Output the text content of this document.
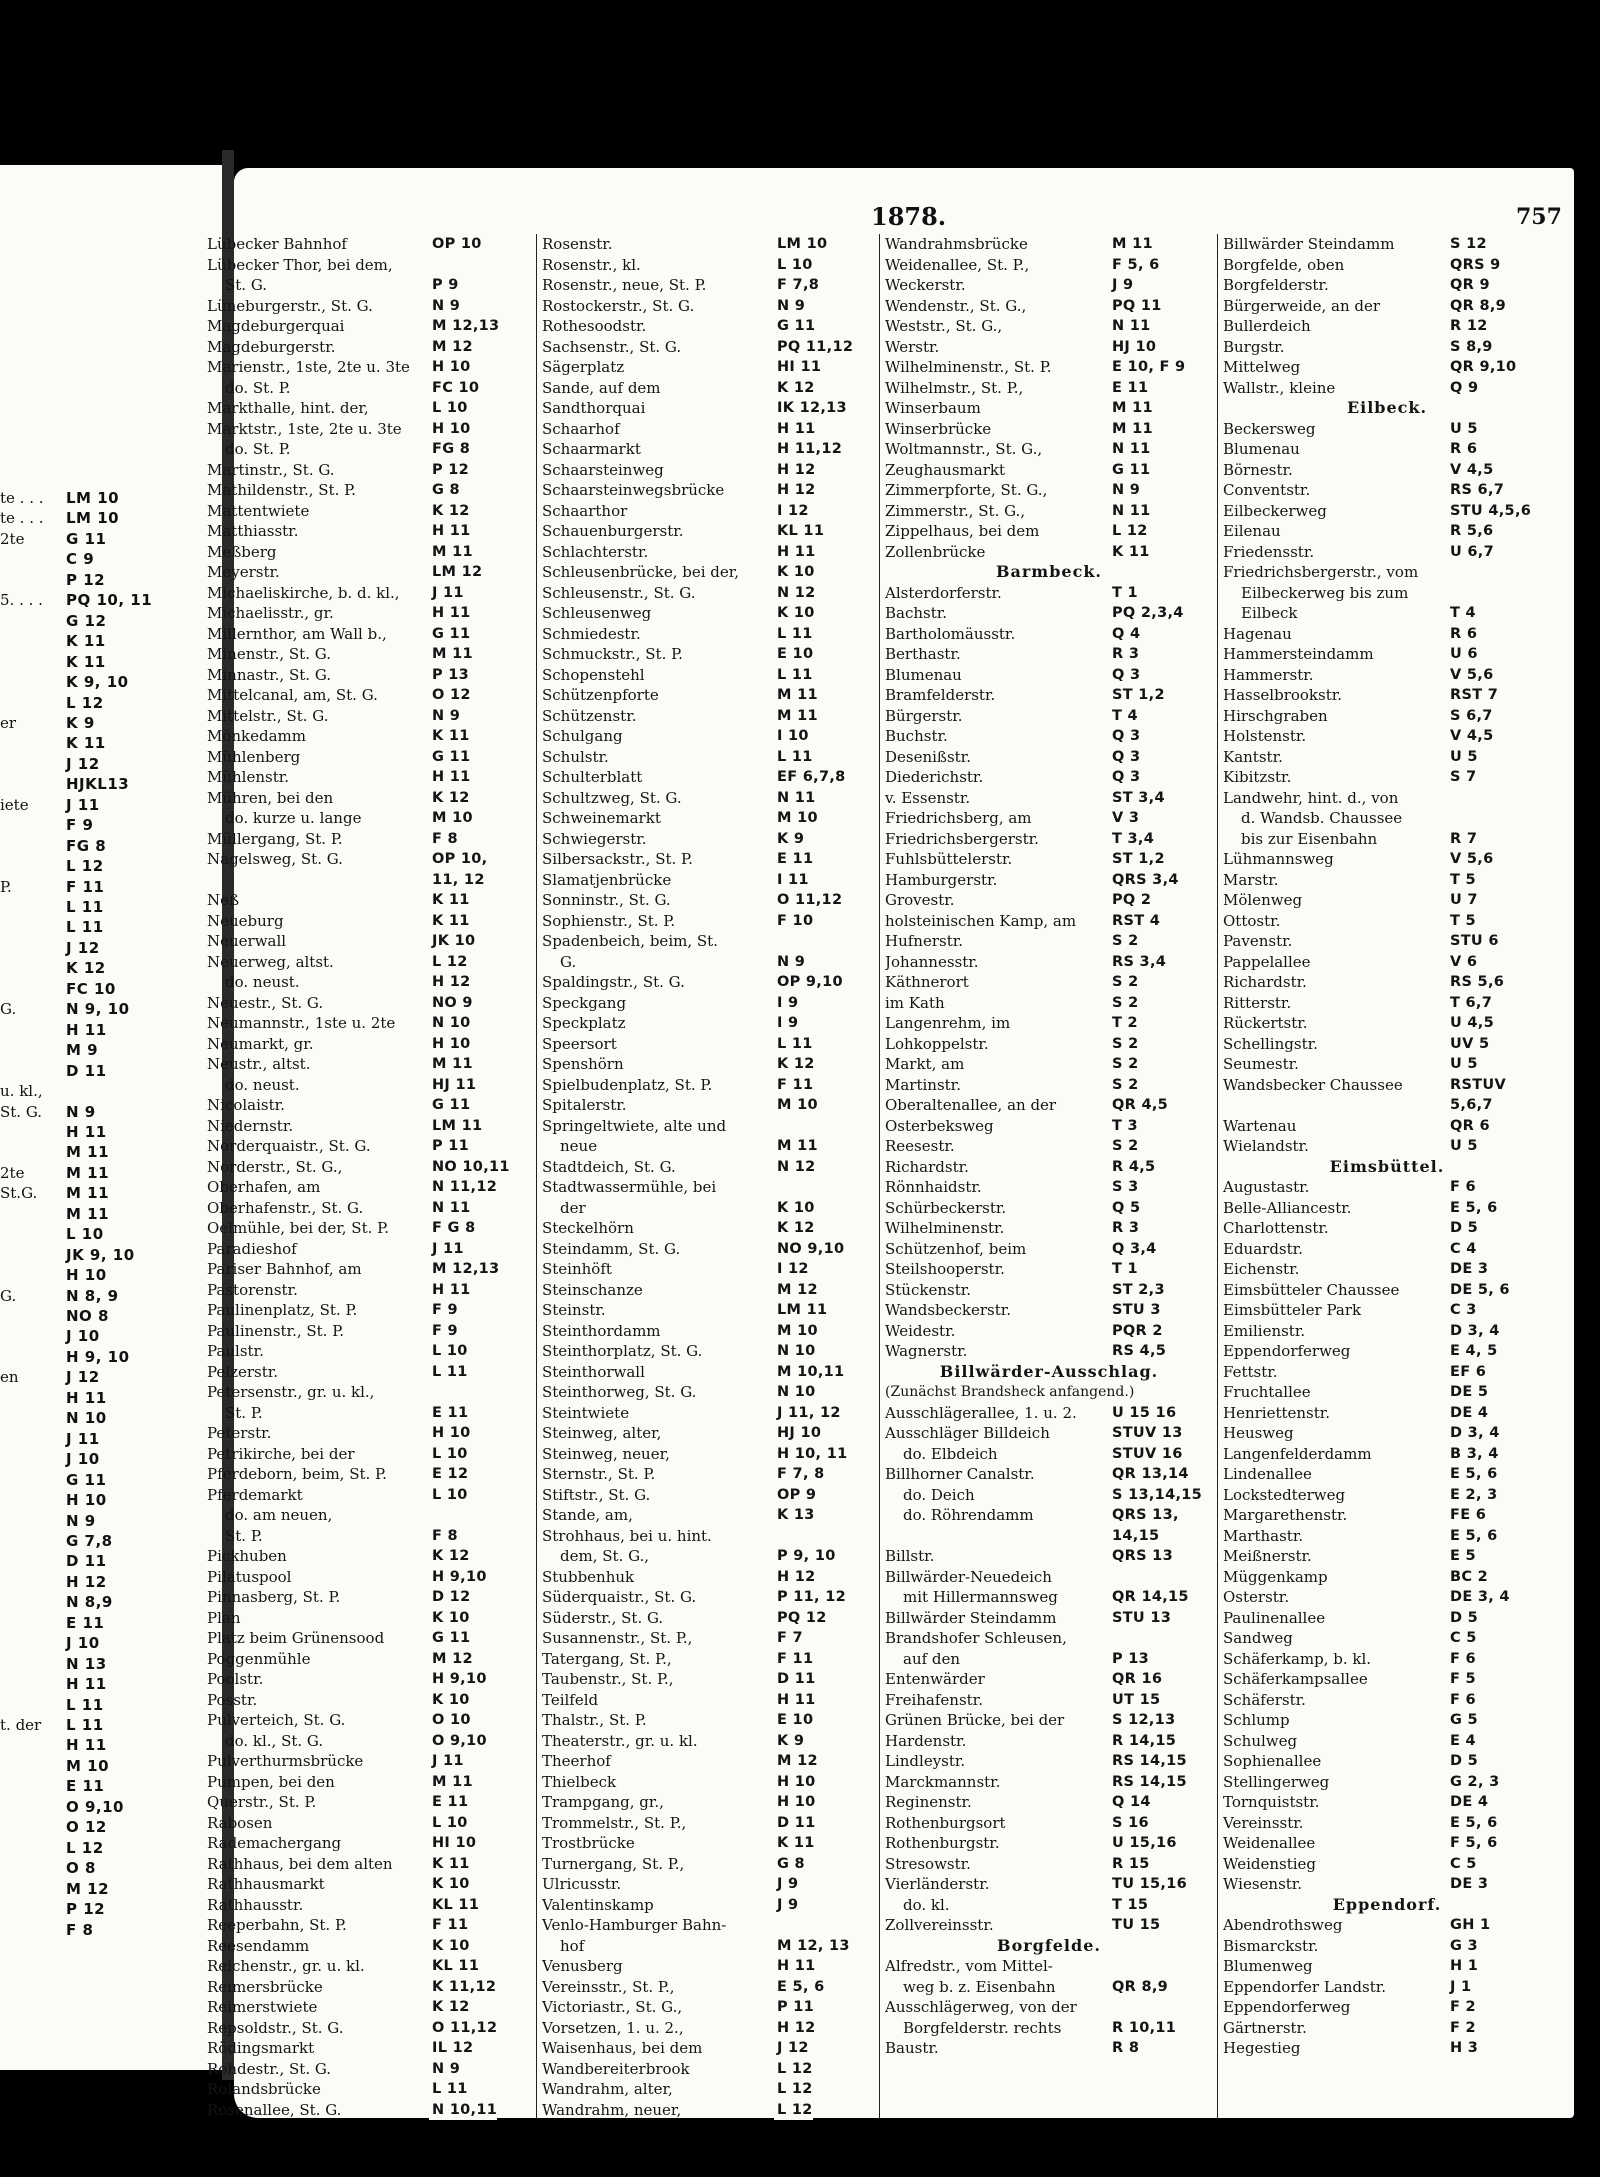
te . . . LM 10
te . . . LM 10
2te	G 11
C 9
P 12
5. . . . PQ 10, 11
G 12
K 11
K 11
K 9, 10
L 12
er	K 9
K 11
J 12
HJKL13
iete J 11
F 9
FG 8
L 12
P.	F 11
L 11
L 11
J 12
K 12
FC 10
G.	N 9, 10
H 11
M 9
D 11
u. kl.,
St. G. N 9
H 11
M 11
2te	M 11
St.G. M 11
M 11
L 10
JK 9, 10
H 10
G.	N 8, 9
NO 8
J 10
H 9, 10
en	J 12
H 11
N 10
J 11
J 10
G 11
H 10
N 9
G 7,8
D 11
H 12
N 8,9
E 11
J 10
N 13
H 11
L 11
t. der L 11
H 11
M 10
E 11
O 9,10
O 12
L 12
O 8
M 12
P 12
F 8
1878.	757
Lübecker Bahnhof	OP 10
Lübecker Thor, bei dem,
St. G.	P 9
Lüneburgerstr., St. G.	N 9
Magdeburgerquai	M 12,13
Magdeburgerstr.	M 12
Marienstr., 1ste, 2te u. 3te H 10
do. St. P.	FC 10
Markthalle, hint. der,	L 10
Marktstr., 1ste, 2te u. 3te H 10
do. St. P.	FG 8
Martinstr., St. G.	P 12
Mathildenstr., St. P.	G 8
Mattentwiete	K 12
Matthiasstr.	H 11
Meßberg	M 11
Meyerstr.	LM 12
Michaeliskirche, b. d. kl., J 11
Michaelisstr., gr.	H 11
Millernthor, am Wall b.,	G 11
Minenstr., St. G.	M 11
Minnastr., St. G.	P 13
Mittelcanal, am, St. G.	O 12
Mittelstr., St. G.	N 9
Mönkedamm	K 11
Mühlenberg	G 11
Mühlenstr.	H 11
Mühren, bei den	K 12
do. kurze u. lange	M 10
Müllergang, St. P.	F 8
Nagelsweg, St. G.	OP 10,
11, 12
Neß	K 11
Neueburg	K 11
Neuerwall	JK 10
Neuerweg, altst.	L 12
do. neust.	H 12
Neuestr., St. G.	NO 9
Neumannstr., 1ste u. 2te	N 10
Neumarkt, gr.	H 10
Neustr., altst.	M 11
do. neust.	HJ 11
Nicolaistr.	G 11
Niedernstr.	LM 11
Norderquaistr., St. G.	P 11
Norderstr., St. G.,	NO 10,11
Oberhafen, am	N 11,12
Oberhafenstr., St. G.	N 11
Oelmühle, bei der, St. P.	F G 8
Paradieshof	J 11
Pariser Bahnhof, am	M 12,13
Pastorenstr.	H 11
Paulinenplatz, St. P.	F 9
Paulinenstr., St. P.	F 9
Paulstr.	L 10
Pelzerstr.	L 11
Petersenstr., gr. u. kl.,
St. P.	E 11
Peterstr.	H 10
Petrikirche, bei der	L 10
Pferdeborn, beim, St. P.	E 12
Pferdemarkt	L 10
do. am neuen,
St. P.	F 8
Pickhuben	K 12
Pilatuspool	H 9,10
Pinnasberg, St. P.	D 12
Plan	K 10
Platz beim Grünensood	G 11
Poggenmühle	M 12
Poolstr.	H 9,10
Posstr.	K 10
Pulverteich, St. G.	O 10
do. kl., St. G.	O 9,10
Pulverthurmsbrücke	J 11
Pumpen, bei den	M 11
Querstr., St. P.	E 11
Rabosen	L 10
Rademachergang	HI 10
Rathhaus, bei dem alten	K 11
Rathhausmarkt	K 10
Rathhausstr.	KL 11
Reeperbahn, St. P.	F 11
Reesendamm	K 10
Reichenstr., gr. u. kl.	KL 11
Reimersbrücke	K 11,12
Reimerstwiete	K 12
Repsoldstr., St. G.	O 11,12
Rödingsmarkt	IL 12
Rohdestr., St. G.	N 9
Rolandsbrücke	L 11
Rosenallee, St. G.	N 10,11
Rosenstr.	LM 10
Rosenstr., kl.	L 10
Rosenstr., neue, St. P.	F 7,8
Rostockerstr., St. G.	N 9
Rothesoodstr.	G 11
Sachsenstr., St. G.	PQ 11,12
Sägerplatz	HI 11
Sande, auf dem	K 12
Sandthorquai	IK 12,13
Schaarhof	H 11
Schaarmarkt	H 11,12
Schaarsteinweg	H 12
Schaarsteinwegsbrücke	H 12
Schaarthor	I 12
Schauenburgerstr.	KL 11
Schlachterstr.	H 11
Schleusenbrücke, bei der,	K 10
Schleusenstr., St. G.	N 12
Schleusenweg	K 10
Schmiedestr.	L 11
Schmuckstr., St. P.	E 10
Schopenstehl	L 11
Schützenpforte	M 11
Schützenstr.	M 11
Schulgang	I 10
Schulstr.	L 11
Schulterblatt	EF 6,7,8
Schultzweg, St. G.	N 11
Schweinemarkt	M 10
Schwiegerstr.	K 9
Silbersackstr., St. P.	E 11
Slamatjenbrücke	I 11
Sonninstr., St. G.	O 11,12
Sophienstr., St. P.	F 10
Spadenbeich, beim, St.
G.	N 9
Spaldingstr., St. G.	OP 9,10
Speckgang	I 9
Speckplatz	I 9
Speersort	L 11
Spenshörn	K 12
Spielbudenplatz, St. P.	F 11
Spitalerstr.	M 10
Springeltwiete, alte und
neue	M 11
Stadtdeich, St. G.	N 12
Stadtwassermühle, bei
der	K 10
Steckelhörn	K 12
Steindamm, St. G.	NO 9,10
Steinhöft	I 12
Steinschanze	M 12
Steinstr.	LM 11
Steinthordamm	M 10
Steinthorplatz, St. G.	N 10
Steinthorwall	M 10,11
Steinthorweg, St. G.	N 10
Steintwiete	J 11, 12
Steinweg, alter,	HJ 10
Steinweg, neuer,	H 10, 11
Sternstr., St. P.	F 7, 8
Stiftstr., St. G.	OP 9
Stande, am,	K 13
Strohhaus, bei u. hint.
dem, St. G.,	P 9, 10
Stubbenhuk	H 12
Süderquaistr., St. G.	P 11, 12
Süderstr., St. G.	PQ 12
Susannenstr., St. P.,	F 7
Tatergang, St. P.,	F 11
Taubenstr., St. P.,	D 11
Teilfeld	H 11
Thalstr., St. P.	E 10
Theaterstr., gr. u. kl.	K 9
Theerhof	M 12
Thielbeck	H 10
Trampgang, gr.,	H 10
Trommelstr., St. P.,	D 11
Trostbrücke	K 11
Turnergang, St. P.,	G 8
Ulricusstr.	J 9
Valentinskamp	J 9
Venlo-Hamburger Bahn-
hof	M 12, 13
Venusberg	H 11
Vereinsstr., St. P.,	E 5, 6
Victoriastr., St. G.,	P 11
Vorsetzen, 1. u. 2.,	H 12
Waisenhaus, bei dem	J 12
Wandbereiterbrook	L 12
Wandrahm, alter,	L 12
Wandrahm, neuer,	L 12
Wandrahmsbrücke	M 11
Weidenallee, St. P.,	F 5, 6
Weckerstr.	J 9
Wendenstr., St. G.,	PQ 11
Weststr., St. G.,	N 11
Werstr.	HJ 10
Wilhelminenstr., St. P.	E 10, F 9
Wilhelmstr., St. P.,	E 11
Winserbaum	M 11
Winserbrücke	M 11
Woltmannstr., St. G.,	N 11
Zeughausmarkt	G 11
Zimmerpforte, St. G.,	N 9
Zimmerstr., St. G.,	N 11
Zippelhaus, bei dem	L 12
Zollenbrücke	K 11
Barmbeck.
Alsterdorferstr.	T 1
Bachstr.	PQ 2,3,4
Bartholomäusstr.	Q 4
Berthastr.	R 3
Blumenau	Q 3
Bramfelderstr.	ST 1,2
Bürgerstr.	T 4
Buchstr.	Q 3
Desenißstr.	Q 3
Diederichstr.	Q 3
v. Essenstr.	ST 3,4
Friedrichsberg, am	V 3
Friedrichsbergerstr.	T 3,4
Fuhlsbüttelerstr.	ST 1,2
Hamburgerstr.	QRS 3,4
Grovestr.	PQ 2
holsteinischen Kamp, am RST 4
Hufnerstr.	S 2
Johannesstr.	RS 3,4
Käthnerort	S 2
im Kath	S 2
Langenrehm, im	T 2
Lohkoppelstr.	S 2
Markt, am	S 2
Martinstr.	S 2
Oberaltenallee, an der	QR 4,5
Osterbeksweg	T 3
Reesestr.	S 2
Richardstr.	R 4,5
Rönnhaidstr.	S 3
Schürbeckerstr.	Q 5
Wilhelminenstr.	R 3
Schützenhof, beim	Q 3,4
Steilshooperstr.	T 1
Stückenstr.	ST 2,3
Wandsbeckerstr.	STU 3
Weidestr.	PQR 2
Wagnerstr.	RS 4,5
Billwärder-Ausschlag.
(Zunächst Brandsheck anfangend.)
Ausschlägerallee, 1. u. 2. U 15 16
Ausschläger Billdeich	STUV 13
do. Elbdeich	STUV 16
Billhorner Canalstr.	QR 13,14
do. Deich	S 13,14,15
do. Röhrendamm	QRS 13,
14,15
Billstr.	QRS 13
Billwärder-Neuedeich
mit Hillermannsweg	QR 14,15
Billwärder Steindamm	STU 13
Brandshofer Schleusen,
auf den	P 13
Entenwärder	QR 16
Freihafenstr.	UT 15
Grünen Brücke, bei der	S 12,13
Hardenstr.	R 14,15
Lindleystr.	RS 14,15
Marckmannstr.	RS 14,15
Reginenstr.	Q 14
Rothenburgsort	S 16
Rothenburgstr.	U 15,16
Stresowstr.	R 15
Vierländerstr.	TU 15,16
do. kl.	T 15
Zollvereinsstr.	TU 15
Borgfelde.
Alfredstr., vom Mittel-
weg b. z. Eisenbahn	QR 8,9
Ausschlägerweg, von der
Borgfelderstr. rechts	R 10,11
Baustr.	R 8
Billwärder Steindamm	S 12
Borgfelde, oben	QRS 9
Borgfelderstr.	QR 9
Bürgerweide, an der	QR 8,9
Bullerdeich	R 12
Burgstr.	S 8,9
Mittelweg	QR 9,10
Wallstr., kleine	Q 9
Eilbeck.
Beckersweg	U 5
Blumenau	R 6
Börnestr.	V 4,5
Conventstr.	RS 6,7
Eilbeckerweg	STU 4,5,6
Eilenau	R 5,6
Friedensstr.	U 6,7
Friedrichsbergerstr., vom
Eilbeckerweg bis zum
Eilbeck	T 4
Hagenau	R 6
Hammersteindamm	U 6
Hammerstr.	V 5,6
Hasselbrookstr.	RST 7
Hirschgraben	S 6,7
Holstenstr.	V 4,5
Kantstr.	U 5
Kibitzstr.	S 7
Landwehr, hint. d., von
d. Wandsb. Chaussee
bis zur Eisenbahn	R 7
Lühmannsweg	V 5,6
Marstr.	T 5
Mölenweg	U 7
Ottostr.	T 5
Pavenstr.	STU 6
Pappelallee	V 6
Richardstr.	RS 5,6
Ritterstr.	T 6,7
Rückertstr.	U 4,5
Schellingstr.	UV 5
Seumestr.	U 5
Wandsbecker Chaussee	RSTUV
5,6,7
Wartenau	QR 6
Wielandstr.	U 5
Eimsbüttel.
Augustastr.	F 6
Belle-Alliancestr.	E 5, 6
Charlottenstr.	D 5
Eduardstr.	C 4
Eichenstr.	DE 3
Eimsbütteler Chaussee	DE 5, 6
Eimsbütteler Park	C 3
Emilienstr.	D 3, 4
Eppendorferweg	E 4, 5
Fettstr.	EF 6
Fruchtallee	DE 5
Henriettenstr.	DE 4
Heusweg	D 3, 4
Langenfelderdamm	B 3, 4
Lindenallee	E 5, 6
Lockstedterweg	E 2, 3
Margarethenstr.	FE 6
Marthastr.	E 5, 6
Meißnerstr.	E 5
Müggenkamp	BC 2
Osterstr.	DE 3, 4
Paulinenallee	D 5
Sandweg	C 5
Schäferkamp, b. kl.	F 6
Schäferkampsallee	F 5
Schäferstr.	F 6
Schlump	G 5
Schulweg	E 4
Sophienallee	D 5
Stellingerweg	G 2, 3
Tornquiststr.	DE 4
Vereinsstr.	E 5, 6
Weidenallee	F 5, 6
Weidenstieg	C 5
Wiesenstr.	DE 3
Eppendorf.
Abendrothsweg	GH 1
Bismarckstr.	G 3
Blumenweg	H 1
Eppendorfer Landstr.	J 1
Eppendorferweg	F 2
Gärtnerstr.	F 2
Hegestieg	H 3
